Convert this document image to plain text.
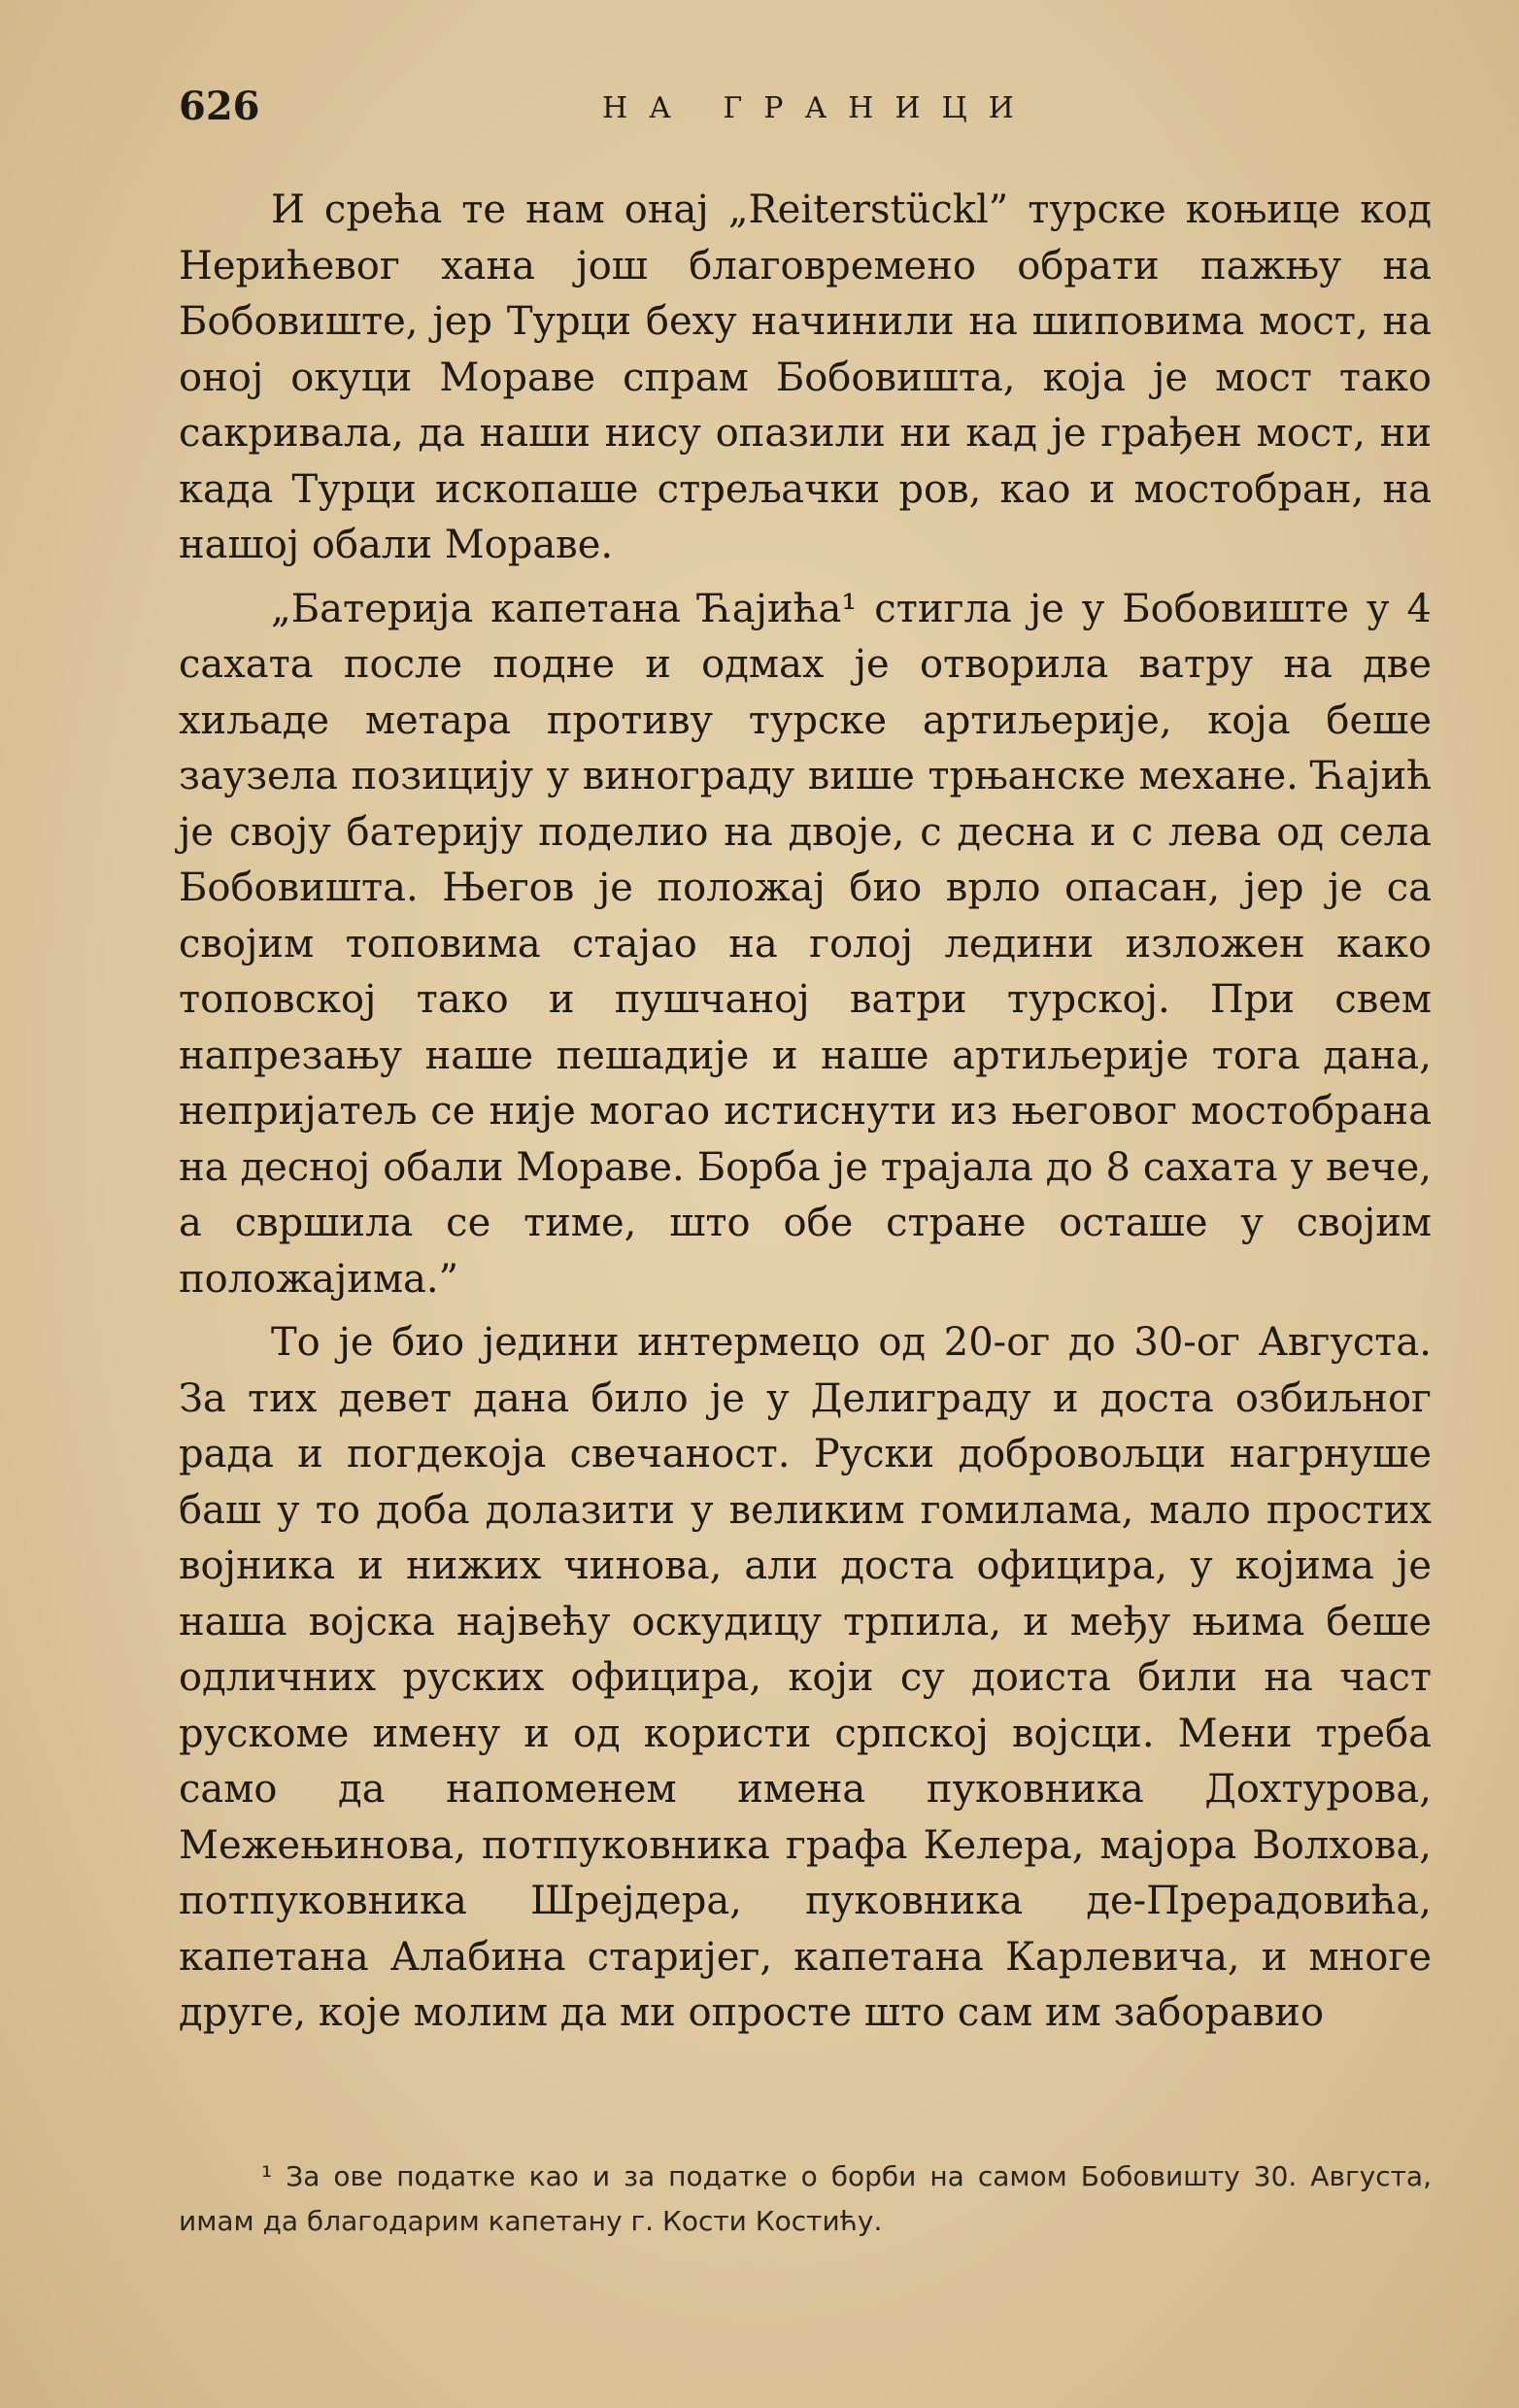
626	НА ГРАНИЦИ

И срећа те нам онај „Reiterstückl” турске коњице код Нерићевог хана још благовремено обрати пажњу на Бобовиште, јер Турци беху начинили на шиповима мост, на оној окуци Мораве спрам Бобовишта, која је мост тако сакривала, да наши нису опазили ни кад је грађен мост, ни када Турци ископаше стрељачки ров, као и мостобран, на нашој обали Мораве.

„Батерија капетана Ћајића¹ стигла је у Бобовиште у 4 сахата после подне и одмах је отворила ватру на две хиљаде метара противу турске артиљерије, која беше заузела позицију у винограду више трњанске механе. Ћајић је своју батерију поделио на двоје, с десна и с лева од села Бобовишта. Његов је положај био врло опасан, јер је са својим топовима стајао на голој ледини изложен како топовској тако и пушчаној ватри турској. При свем напрезању наше пешадије и наше артиљерије тога дана, непријатељ се није могао истиснути из његовог мостобрана на десној обали Мораве. Борба је трајала до 8 сахата у вече, а свршила се тиме, што обе стране осташе у својим положајима.”

То је био једини интермецо од 20-ог до 30-ог Августа. За тих девет дана било је у Делиграду и доста озбиљног рада и погдекоја свечаност. Руски добровољци нагрнуше баш у то доба долазити у великим гомилама, мало простих војника и нижих чинова, али доста официра, у којима је наша војска највећу оскудицу трпила, и међу њима беше одличних руских официра, који су доиста били на част рускоме имену и од користи српској војсци. Мени треба само да напоменем имена пуковника Дохтурова, Межењинова, потпуковника графа Келера, мајора Волхова, потпуковника Шрејдера, пуковника де-Прерадовића, капетана Алабина старијег, капетана Карлевича, и многе друге, које молим да ми опросте што сам им заборавио

¹ За ове податке као и за податке о борби на самом Бобовишту 30. Августа, имам да благодарим капетану г. Кости Костићу.
